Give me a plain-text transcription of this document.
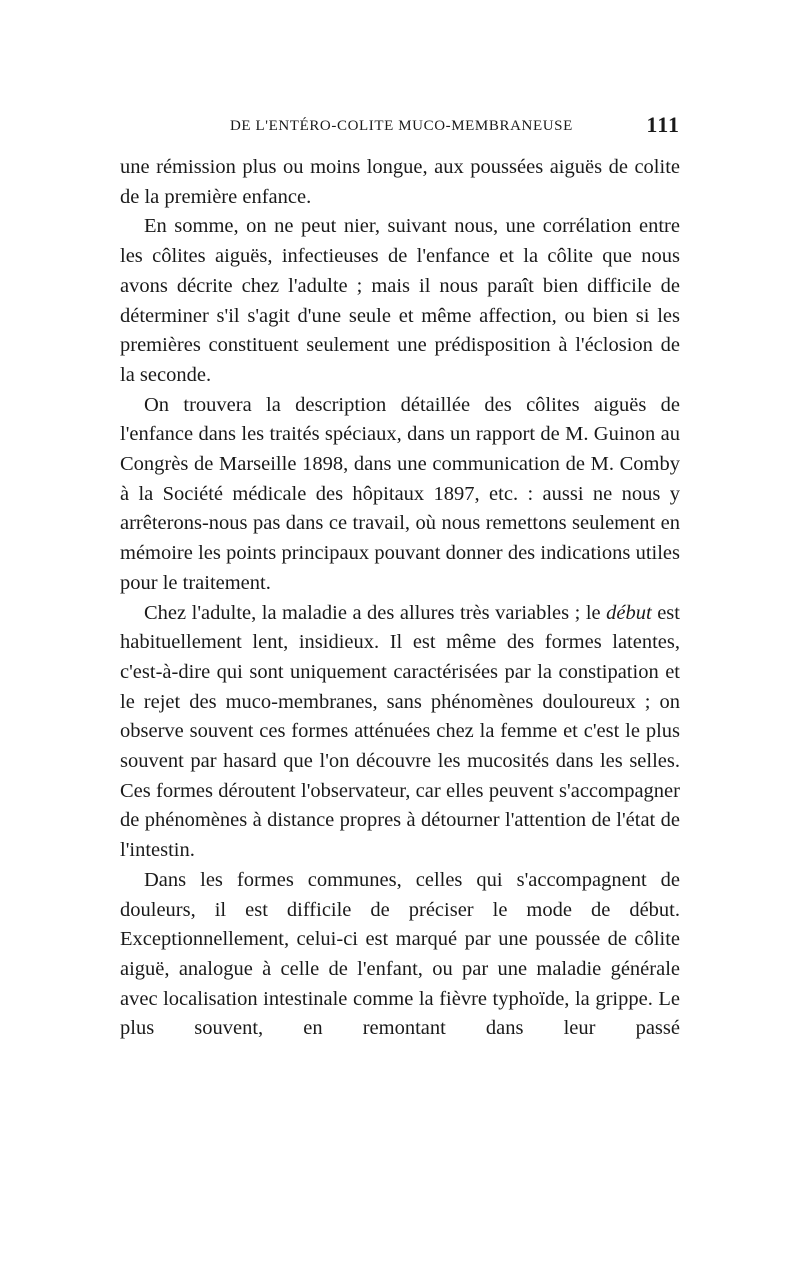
DE L'ENTÉRO-COLITE MUCO-MEMBRANEUSE	111

une rémission plus ou moins longue, aux poussées aiguës de colite de la première enfance.

En somme, on ne peut nier, suivant nous, une corrélation entre les côlites aiguës, infectieuses de l'enfance et la côlite que nous avons décrite chez l'adulte ; mais il nous paraît bien difficile de déterminer s'il s'agit d'une seule et même affection, ou bien si les premières constituent seulement une prédisposition à l'éclosion de la seconde.

On trouvera la description détaillée des côlites aiguës de l'enfance dans les traités spéciaux, dans un rapport de M. Guinon au Congrès de Marseille 1898, dans une communication de M. Comby à la Société médicale des hôpitaux 1897, etc. : aussi ne nous y arrêterons-nous pas dans ce travail, où nous remettons seulement en mémoire les points principaux pouvant donner des indications utiles pour le traitement.

Chez l'adulte, la maladie a des allures très variables ; le début est habituellement lent, insidieux. Il est même des formes latentes, c'est-à-dire qui sont uniquement caractérisées par la constipation et le rejet des muco-membranes, sans phénomènes douloureux ; on observe souvent ces formes atténuées chez la femme et c'est le plus souvent par hasard que l'on découvre les mucosités dans les selles. Ces formes déroutent l'observateur, car elles peuvent s'accompagner de phénomènes à distance propres à détourner l'attention de l'état de l'intestin.

Dans les formes communes, celles qui s'accompagnent de douleurs, il est difficile de préciser le mode de début. Exceptionnellement, celui-ci est marqué par une poussée de côlite aiguë, analogue à celle de l'enfant, ou par une maladie générale avec localisation intestinale comme la fièvre typhoïde, la grippe. Le plus souvent, en remontant dans leur passé
